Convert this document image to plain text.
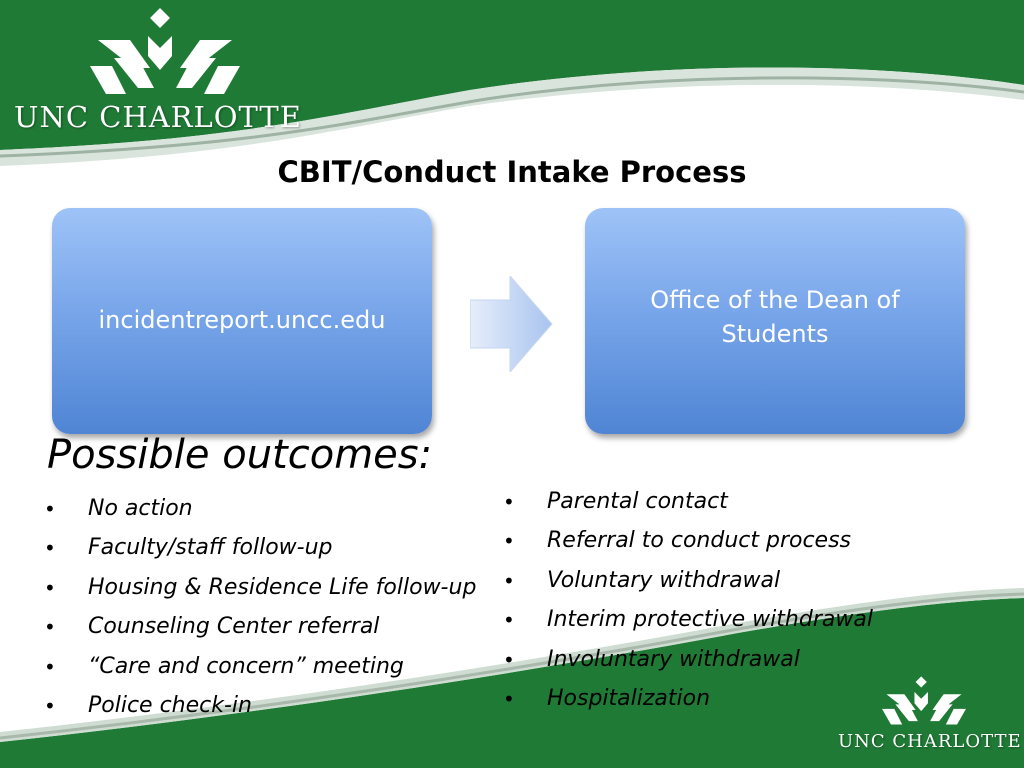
UNC CHARLOTTE
UNC CHARLOTTE
CBIT/Conduct Intake Process
incidentreport.uncc.edu
Office of the Dean of Students
Possible outcomes:
• No action
• Faculty/staff follow-up
• Housing & Residence Life follow-up
• Counseling Center referral
• “Care and concern” meeting
• Police check-in
• Parental contact
• Referral to conduct process
• Voluntary withdrawal
• Interim protective withdrawal
• Involuntary withdrawal
• Hospitalization
